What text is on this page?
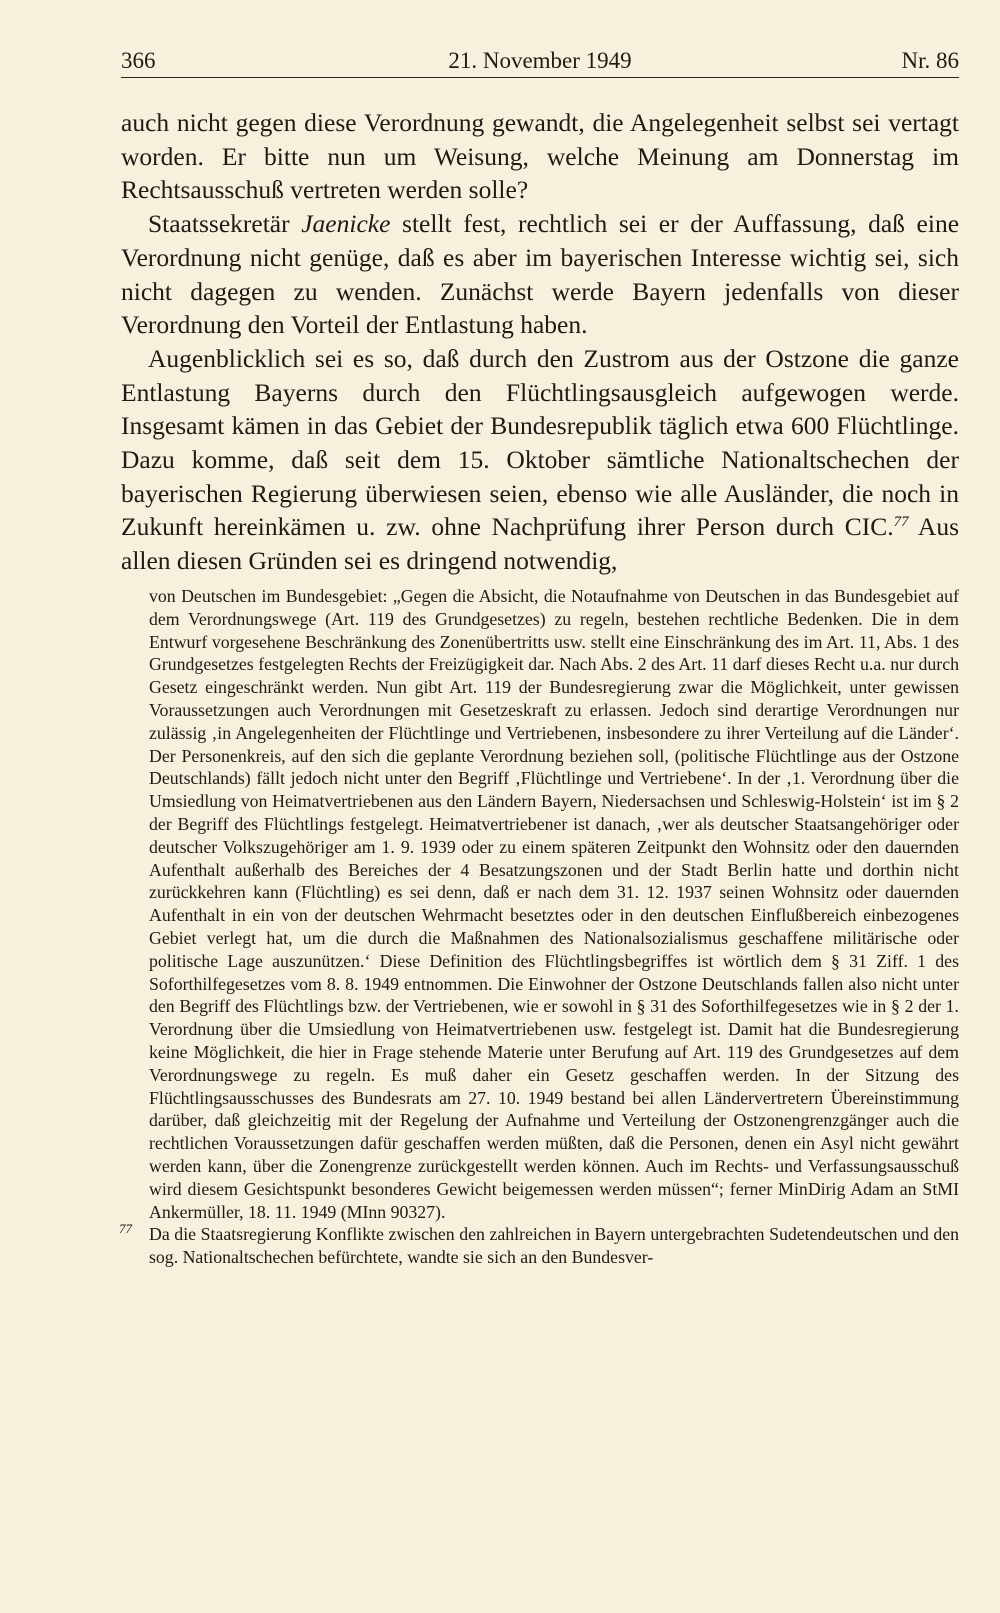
366	21. November 1949	Nr. 86

auch nicht gegen diese Verordnung gewandt, die Angelegenheit selbst sei vertagt worden. Er bitte nun um Weisung, welche Meinung am Donnerstag im Rechtsausschuß vertreten werden solle?

Staatssekretär Jaenicke stellt fest, rechtlich sei er der Auffassung, daß eine Verordnung nicht genüge, daß es aber im bayerischen Interesse wichtig sei, sich nicht dagegen zu wenden. Zunächst werde Bayern jedenfalls von dieser Verordnung den Vorteil der Entlastung haben.

Augenblicklich sei es so, daß durch den Zustrom aus der Ostzone die ganze Entlastung Bayerns durch den Flüchtlingsausgleich aufgewogen werde. Insgesamt kämen in das Gebiet der Bundesrepublik täglich etwa 600 Flüchtlinge. Dazu komme, daß seit dem 15. Oktober sämtliche Nationaltschechen der bayerischen Regierung überwiesen seien, ebenso wie alle Ausländer, die noch in Zukunft hereinkämen u. zw. ohne Nachprüfung ihrer Person durch CIC.$^{77}$ Aus allen diesen Gründen sei es dringend notwendig,

von Deutschen im Bundesgebiet: „Gegen die Absicht, die Notaufnahme von Deutschen in das Bundesgebiet auf dem Verordnungswege (Art. 119 des Grundgesetzes) zu regeln, bestehen rechtliche Bedenken. Die in dem Entwurf vorgesehene Beschränkung des Zonenübertritts usw. stellt eine Einschränkung des im Art. 11, Abs. 1 des Grundgesetzes festgelegten Rechts der Freizügigkeit dar. Nach Abs. 2 des Art. 11 darf dieses Recht u.a. nur durch Gesetz eingeschränkt werden. Nun gibt Art. 119 der Bundesregierung zwar die Möglichkeit, unter gewissen Voraussetzungen auch Verordnungen mit Gesetzeskraft zu erlassen. Jedoch sind derartige Verordnungen nur zulässig ‚in Angelegenheiten der Flüchtlinge und Vertriebenen, insbesondere zu ihrer Verteilung auf die Länder‘. Der Personenkreis, auf den sich die geplante Verordnung beziehen soll, (politische Flüchtlinge aus der Ostzone Deutschlands) fällt jedoch nicht unter den Begriff ‚Flüchtlinge und Vertriebene‘. In der ‚1. Verordnung über die Umsiedlung von Heimatvertriebenen aus den Ländern Bayern, Niedersachsen und Schleswig-Holstein‘ ist im § 2 der Begriff des Flüchtlings festgelegt. Heimatvertriebener ist danach, ‚wer als deutscher Staatsangehöriger oder deutscher Volkszugehöriger am 1. 9. 1939 oder zu einem späteren Zeitpunkt den Wohnsitz oder den dauernden Aufenthalt außerhalb des Bereiches der 4 Besatzungszonen und der Stadt Berlin hatte und dorthin nicht zurückkehren kann (Flüchtling) es sei denn, daß er nach dem 31. 12. 1937 seinen Wohnsitz oder dauernden Aufenthalt in ein von der deutschen Wehrmacht besetztes oder in den deutschen Einflußbereich einbezogenes Gebiet verlegt hat, um die durch die Maßnahmen des Nationalsozialismus geschaffene militärische oder politische Lage auszunützen.‘ Diese Definition des Flüchtlingsbegriffes ist wörtlich dem § 31 Ziff. 1 des Soforthilfegesetzes vom 8. 8. 1949 entnommen. Die Einwohner der Ostzone Deutschlands fallen also nicht unter den Begriff des Flüchtlings bzw. der Vertriebenen, wie er sowohl in § 31 des Soforthilfegesetzes wie in § 2 der 1. Verordnung über die Umsiedlung von Heimatvertriebenen usw. festgelegt ist. Damit hat die Bundesregierung keine Möglichkeit, die hier in Frage stehende Materie unter Berufung auf Art. 119 des Grundgesetzes auf dem Verordnungswege zu regeln. Es muß daher ein Gesetz geschaffen werden. In der Sitzung des Flüchtlingsausschusses des Bundesrats am 27. 10. 1949 bestand bei allen Ländervertretern Übereinstimmung darüber, daß gleichzeitig mit der Regelung der Aufnahme und Verteilung der Ostzonengrenzgänger auch die rechtlichen Voraussetzungen dafür geschaffen werden müßten, daß die Personen, denen ein Asyl nicht gewährt werden kann, über die Zonengrenze zurückgestellt werden können. Auch im Rechts- und Verfassungsausschuß wird diesem Gesichtspunkt besonderes Gewicht beigemessen werden müssen“; ferner MinDirig Adam an StMI Ankermüller, 18. 11. 1949 (MInn 90327).

77 Da die Staatsregierung Konflikte zwischen den zahlreichen in Bayern untergebrachten Sudetendeutschen und den sog. Nationaltschechen befürchtete, wandte sie sich an den Bundesver-
